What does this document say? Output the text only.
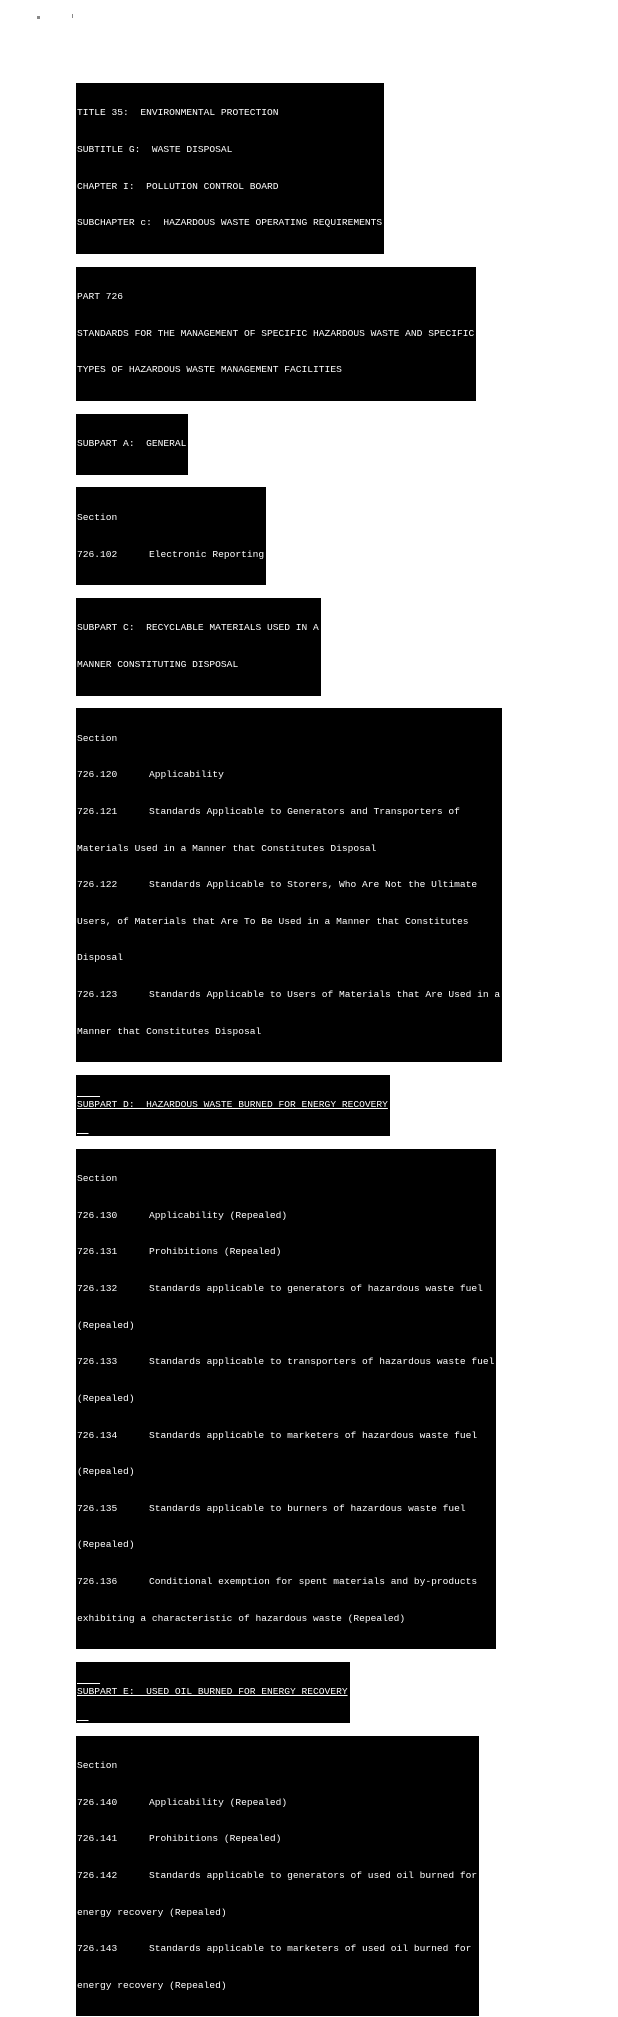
TITLE 35:  ENVIRONMENTAL PROTECTION

SUBTITLE G:  WASTE DISPOSAL

CHAPTER I:  POLLUTION CONTROL BOARD

SUBCHAPTER c:  HAZARDOUS WASTE OPERATING REQUIREMENTS

PART 726

STANDARDS FOR THE MANAGEMENT OF SPECIFIC HAZARDOUS WASTE AND SPECIFIC

TYPES OF HAZARDOUS WASTE MANAGEMENT FACILITIES

SUBPART A:  GENERAL

Section

726.102	Electronic Reporting

SUBPART C:  RECYCLABLE MATERIALS USED IN A

MANNER CONSTITUTING DISPOSAL

Section

726.120	Applicability

726.121	Standards Applicable to Generators and Transporters of

Materials Used in a Manner that Constitutes Disposal

726.122	Standards Applicable to Storers, Who Are Not the Ultimate

Users, of Materials that Are To Be Used in a Manner that Constitutes

Disposal

726.123	Standards Applicable to Users of Materials that Are Used in a

Manner that Constitutes Disposal

SUBPART D:  HAZARDOUS WASTE BURNED FOR ENERGY RECOVERY

Section

726.130	Applicability (Repealed)

726.131	Prohibitions (Repealed)

726.132	Standards applicable to generators of hazardous waste fuel

(Repealed)

726.133	Standards applicable to transporters of hazardous waste fuel

(Repealed)

726.134	Standards applicable to marketers of hazardous waste fuel

(Repealed)

726.135	Standards applicable to burners of hazardous waste fuel

(Repealed)

726.136	Conditional exemption for spent materials and by-products

exhibiting a characteristic of hazardous waste (Repealed)

SUBPART E:  USED OIL BURNED FOR ENERGY RECOVERY

Section

726.140	Applicability (Repealed)

726.141	Prohibitions (Repealed)

726.142	Standards applicable to generators of used oil burned for

energy recovery (Repealed)

726.143	Standards applicable to marketers of used oil burned for

energy recovery (Repealed)
